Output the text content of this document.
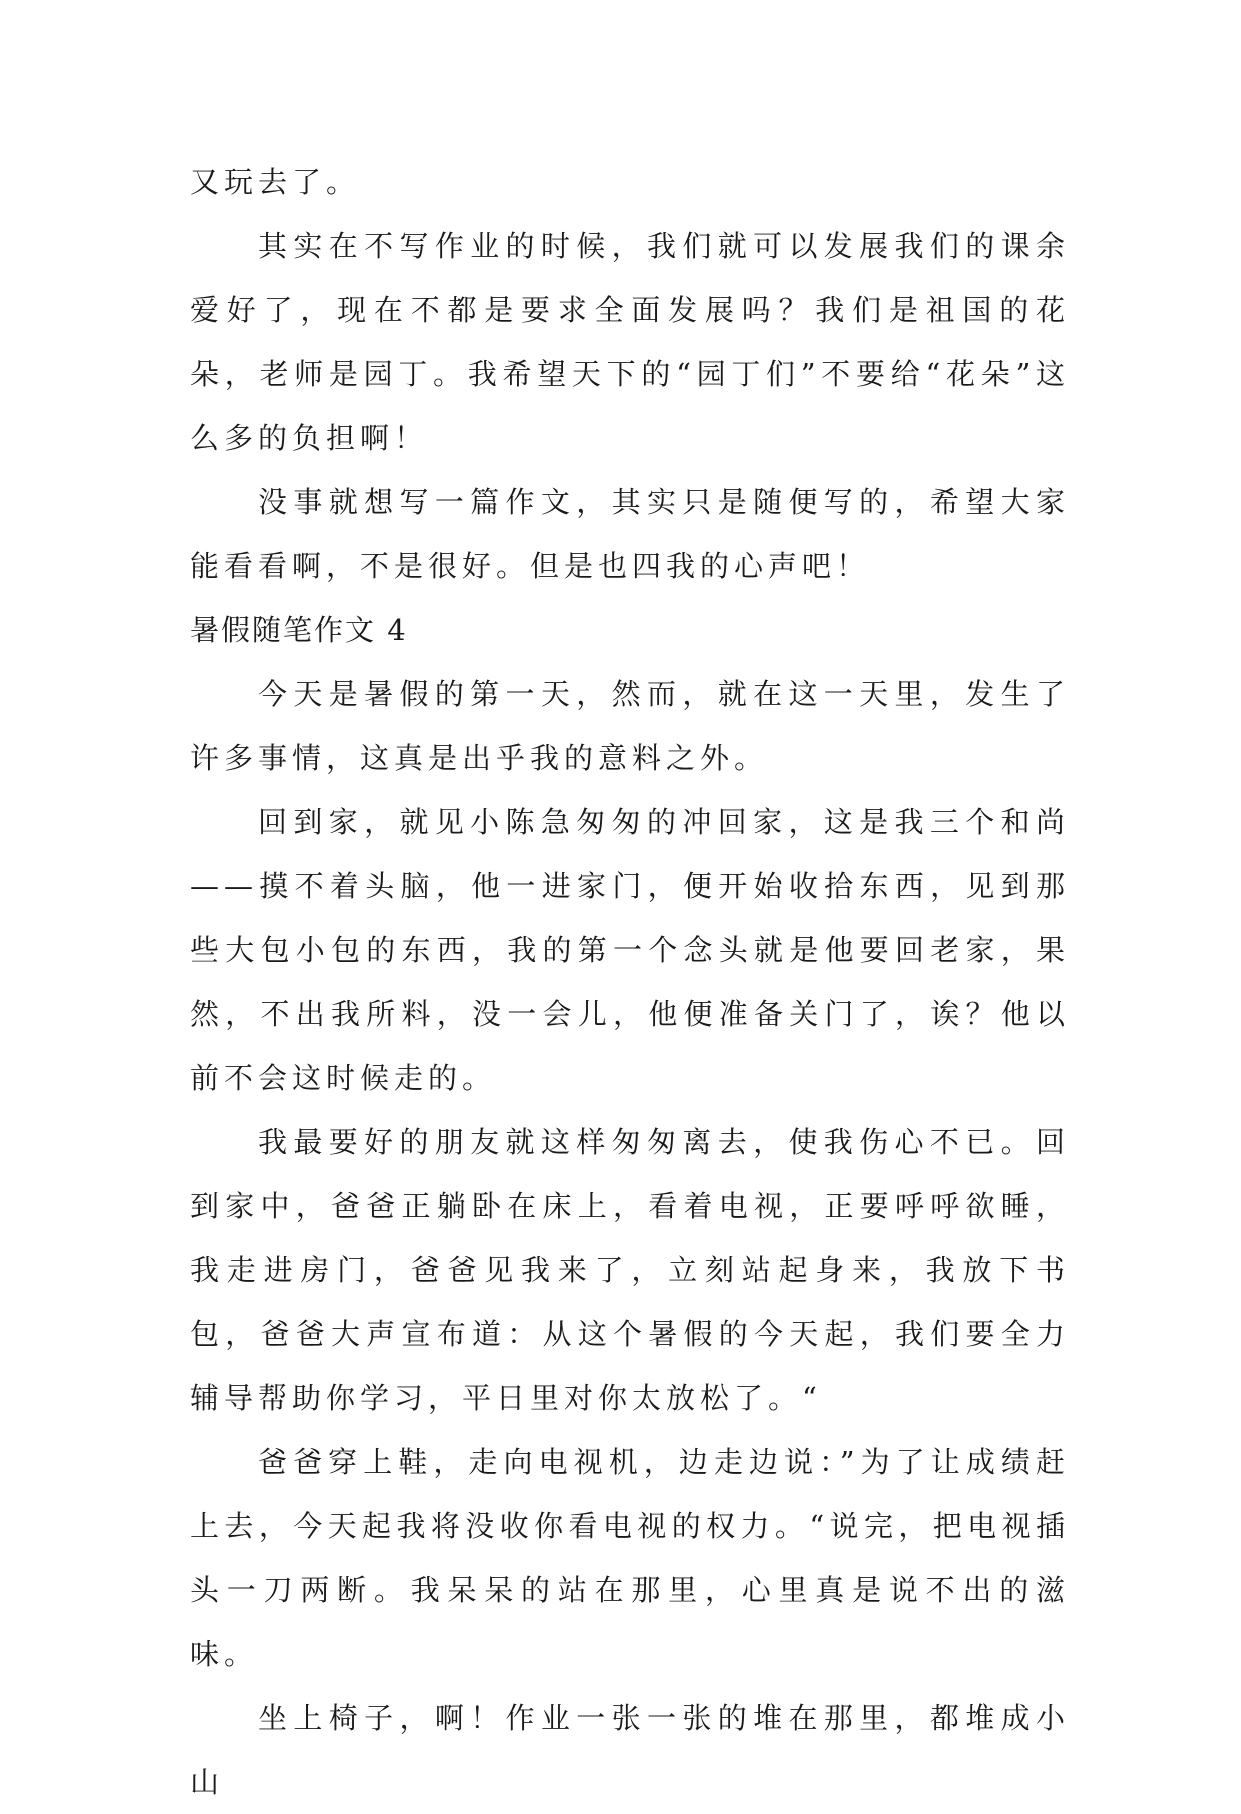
又玩去了。

其实在不写作业的时候，我们就可以发展我们的课余爱好了，现在不都是要求全面发展吗？我们是祖国的花朵，老师是园丁。我希望天下的“园丁们”不要给“花朵”这么多的负担啊！

没事就想写一篇作文，其实只是随便写的，希望大家能看看啊，不是很好。但是也四我的心声吧！

暑假随笔作文 4

今天是暑假的第一天，然而，就在这一天里，发生了许多事情，这真是出乎我的意料之外。

回到家，就见小陈急匆匆的冲回家，这是我三个和尚——摸不着头脑，他一进家门，便开始收拾东西，见到那些大包小包的东西，我的第一个念头就是他要回老家，果然，不出我所料，没一会儿，他便准备关门了，诶？他以前不会这时候走的。

我最要好的朋友就这样匆匆离去，使我伤心不已。回到家中，爸爸正躺卧在床上，看着电视，正要呼呼欲睡，我走进房门，爸爸见我来了，立刻站起身来，我放下书包，爸爸大声宣布道：从这个暑假的今天起，我们要全力辅导帮助你学习，平日里对你太放松了。“

爸爸穿上鞋，走向电视机，边走边说：”为了让成绩赶上去，今天起我将没收你看电视的权力。“说完，把电视插头一刀两断。我呆呆的站在那里，心里真是说不出的滋味。

坐上椅子，啊！作业一张一张的堆在那里，都堆成小山
